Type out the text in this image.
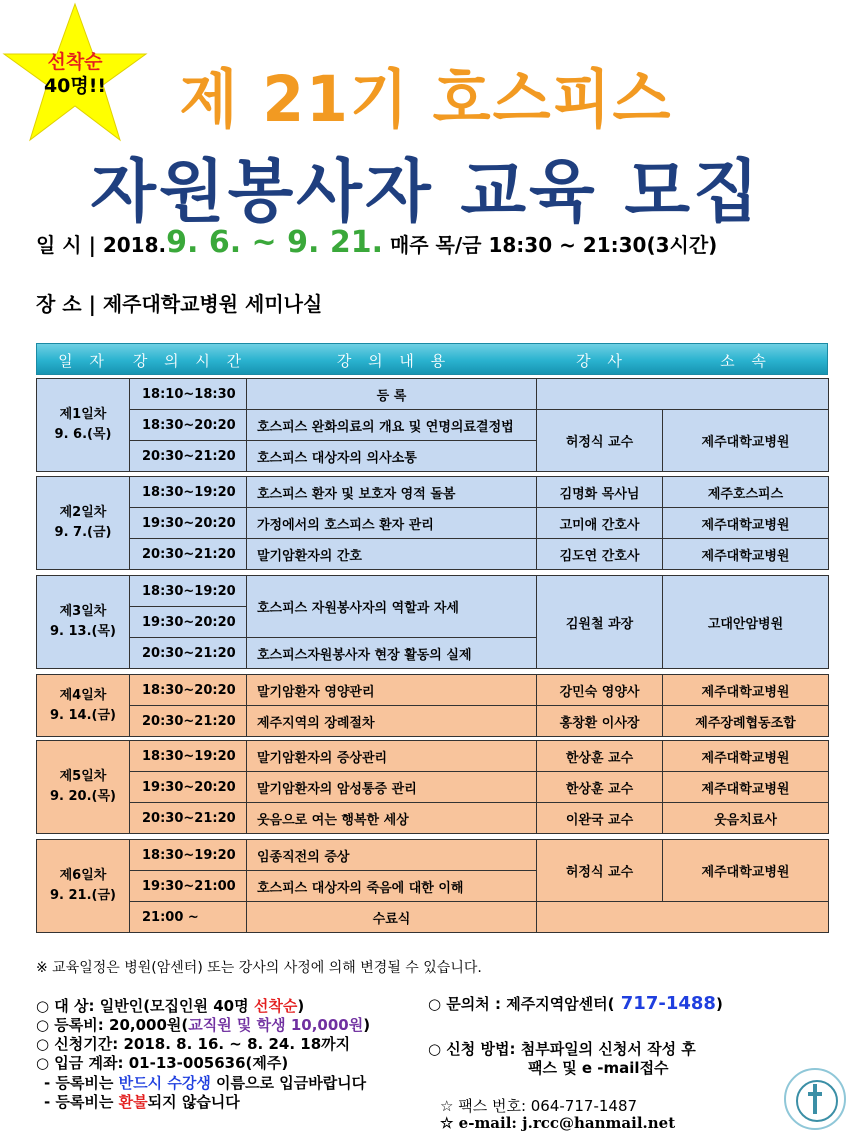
선착순
40명!!	제 21기 호스피스
자원봉사자 교육 모집
일 시 | 2018.9. 6. ~ 9. 21. 매주 목/금 18:30 ~ 21:30(3시간)
장 소 | 제주대학교병원 세미나실
일 자	강 의 시 간	강 의 내 용	강 사	소 속
제1일차
9. 6.(목)	18:10~18:30	등 록		
	18:30~20:20	호스피스 완화의료의 개요 및 연명의료결정법	허정식 교수	제주대학교병원
	20:30~21:20	호스피스 대상자의 의사소통		
제2일차
9. 7.(금)	18:30~19:20	호스피스 환자 및 보호자 영적 돌봄	김명화 목사님	제주호스피스
	19:30~20:20	가정에서의 호스피스 환자 관리	고미애 간호사	제주대학교병원
	20:30~21:20	말기암환자의 간호	김도연 간호사	제주대학교병원
제3일차
9. 13.(목)	18:30~19:20	호스피스 자원봉사자의 역할과 자세	김원철 과장	고대안암병원
	19:30~20:20			
	20:30~21:20	호스피스자원봉사자 현장 활동의 실제		
제4일차
9. 14.(금)	18:30~20:20	말기암환자 영양관리	강민숙 영양사	제주대학교병원
	20:30~21:20	제주지역의 장례절차	홍창환 이사장	제주장례협동조합
제5일차
9. 20.(목)	18:30~19:20	말기암환자의 증상관리	한상훈 교수	제주대학교병원
	19:30~20:20	말기암환자의 암성통증 관리	한상훈 교수	제주대학교병원
	20:30~21:20	웃음으로 여는 행복한 세상	이완국 교수	웃음치료사
제6일차
9. 21.(금)	18:30~19:20	임종직전의 증상	허정식 교수	제주대학교병원
	19:30~21:00	호스피스 대상자의 죽음에 대한 이해		
	21:00 ~	수료식		
※ 교육일정은 병원(암센터) 또는 강사의 사정에 의해 변경될 수 있습니다.
○ 대 상: 일반인(모집인원 40명 선착순)
○ 등록비: 20,000원(교직원 및 학생 10,000원)
○ 신청기간: 2018. 8. 16. ~ 8. 24. 18까지
○ 입금 계좌: 01-13-005636(제주)
- 등록비는 반드시 수강생 이름으로 입금바랍니다
- 등록비는 환불되지 않습니다
○ 문의처 : 제주지역암센터( 717-1488)
○ 신청 방법: 첨부파일의 신청서 작성 후
팩스 및 e -mail접수
☆ 팩스 번호: 064-717-1487
☆ e-mail: j.rcc@hanmail.net
